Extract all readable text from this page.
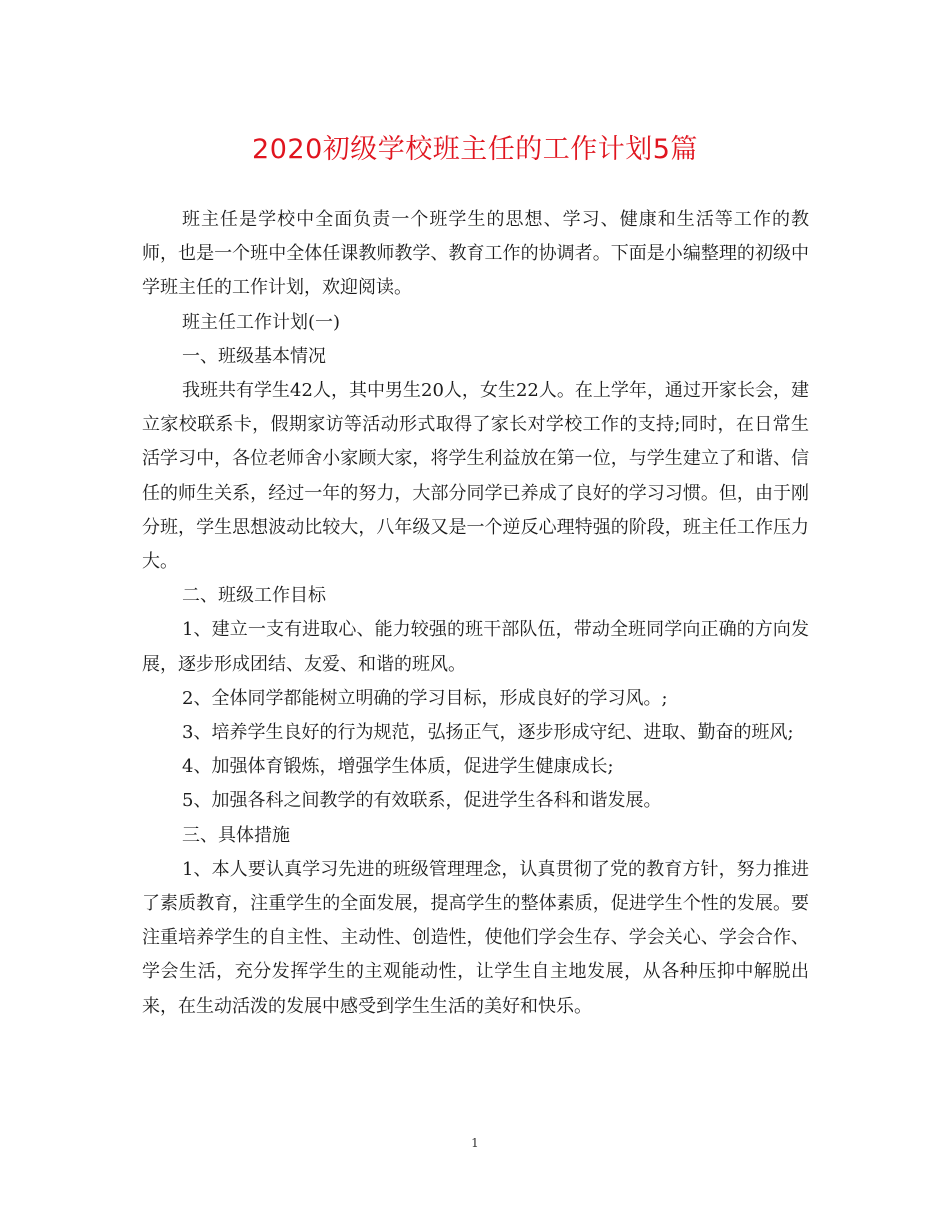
2020初级学校班主任的工作计划5篇

班主任是学校中全面负责一个班学生的思想、学习、健康和生活等工作的教师，也是一个班中全体任课教师教学、教育工作的协调者。下面是小编整理的初级中学班主任的工作计划，欢迎阅读。

班主任工作计划(一)

一、班级基本情况

我班共有学生42人，其中男生20人，女生22人。在上学年，通过开家长会，建立家校联系卡，假期家访等活动形式取得了家长对学校工作的支持;同时，在日常生活学习中，各位老师舍小家顾大家，将学生利益放在第一位，与学生建立了和谐、信任的师生关系，经过一年的努力，大部分同学已养成了良好的学习习惯。但，由于刚分班，学生思想波动比较大，八年级又是一个逆反心理特强的阶段，班主任工作压力大。

二、班级工作目标

1、建立一支有进取心、能力较强的班干部队伍，带动全班同学向正确的方向发展，逐步形成团结、友爱、和谐的班风。

2、全体同学都能树立明确的学习目标，形成良好的学习风。;

3、培养学生良好的行为规范，弘扬正气，逐步形成守纪、进取、勤奋的班风;

4、加强体育锻炼，增强学生体质，促进学生健康成长;

5、加强各科之间教学的有效联系，促进学生各科和谐发展。

三、具体措施

1、本人要认真学习先进的班级管理理念，认真贯彻了党的教育方针，努力推进了素质教育，注重学生的全面发展，提高学生的整体素质，促进学生个性的发展。要注重培养学生的自主性、主动性、创造性，使他们学会生存、学会关心、学会合作、学会生活，充分发挥学生的主观能动性，让学生自主地发展，从各种压抑中解脱出来，在生动活泼的发展中感受到学生生活的美好和快乐。

1
